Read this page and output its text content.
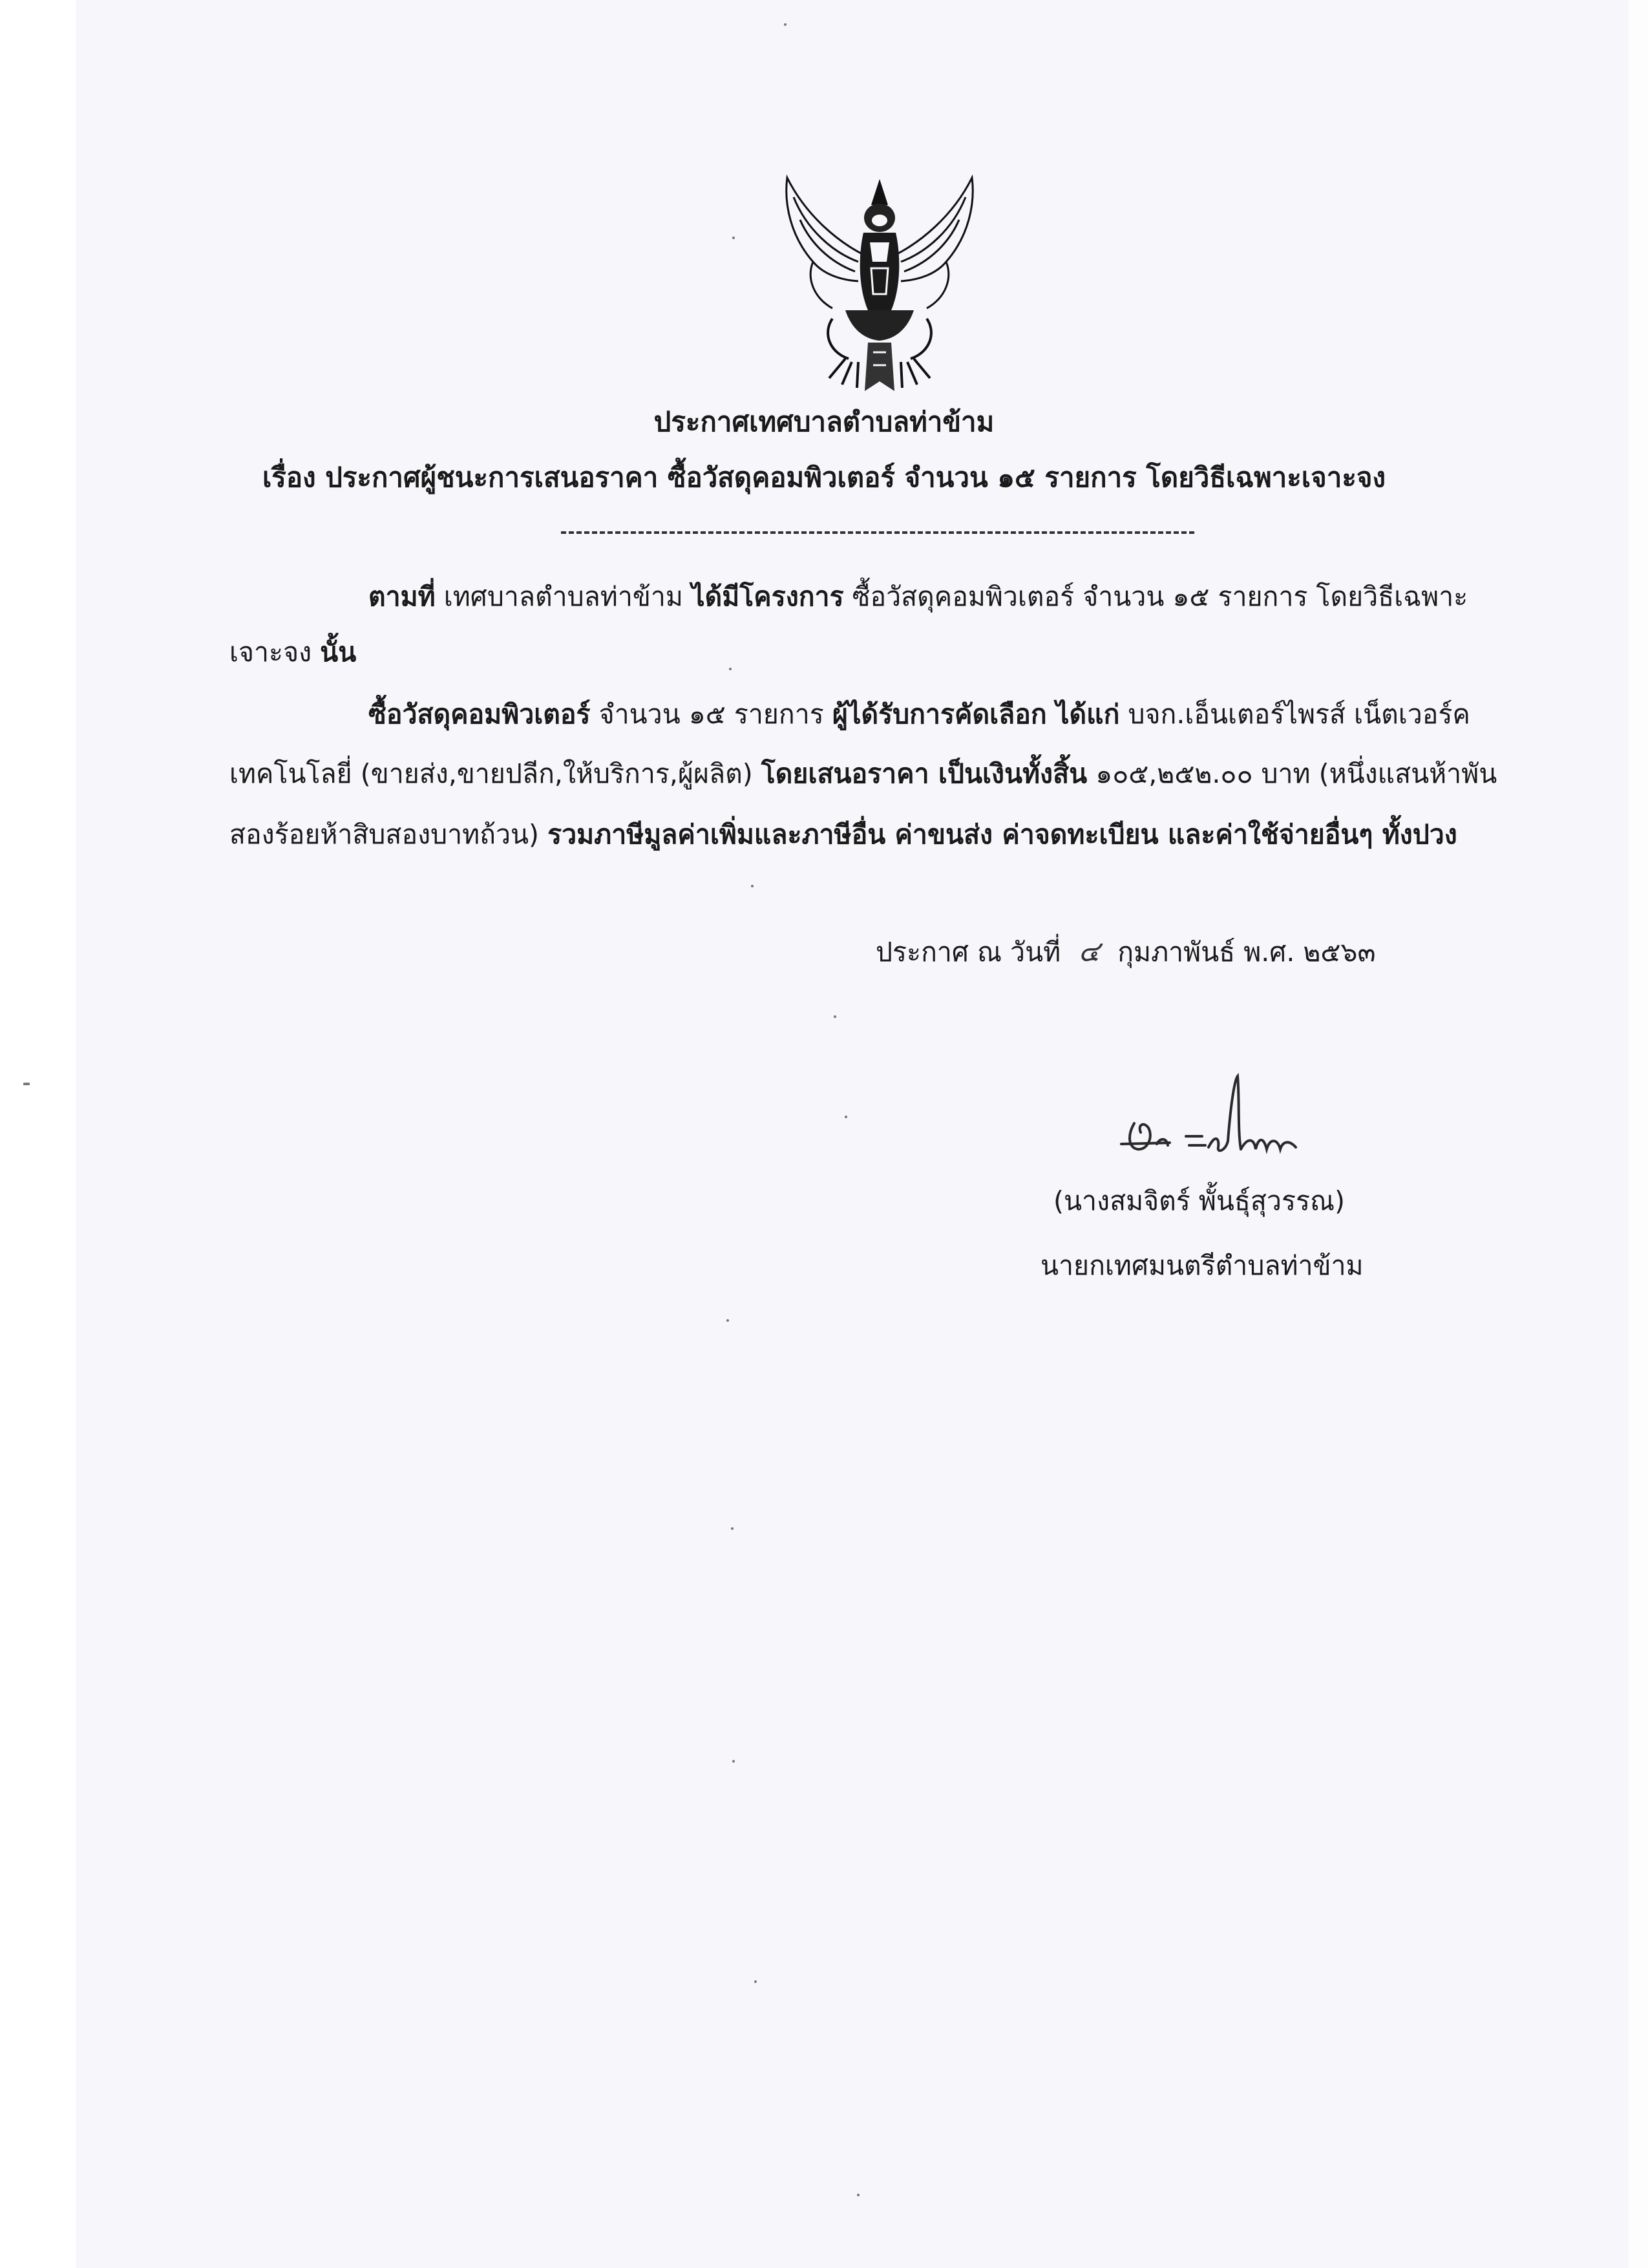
ประกาศเทศบาลตำบลท่าข้าม
เรื่อง ประกาศผู้ชนะการเสนอราคา ซื้อวัสดุคอมพิวเตอร์ จำนวน ๑๕ รายการ โดยวิธีเฉพาะเจาะจง
ตามที่ เทศบาลตำบลท่าข้าม ได้มีโครงการ ซื้อวัสดุคอมพิวเตอร์ จำนวน ๑๕ รายการ โดยวิธีเฉพาะ
เจาะจง นั้น
ซื้อวัสดุคอมพิวเตอร์ จำนวน ๑๕ รายการ ผู้ได้รับการคัดเลือก ได้แก่ บจก.เอ็นเตอร์ไพรส์ เน็ตเวอร์ค
เทคโนโลยี่ (ขายส่ง,ขายปลีก,ให้บริการ,ผู้ผลิต) โดยเสนอราคา เป็นเงินทั้งสิ้น ๑๐๕,๒๕๒.๐๐ บาท (หนึ่งแสนห้าพัน
สองร้อยห้าสิบสองบาทถ้วน) รวมภาษีมูลค่าเพิ่มและภาษีอื่น ค่าขนส่ง ค่าจดทะเบียน และค่าใช้จ่ายอื่นๆ ทั้งปวง
ประกาศ ณ วันที่ ๔ กุมภาพันธ์ พ.ศ. ๒๕๖๓
(นางสมจิตร์ พั้นธุ์สุวรรณ)
นายกเทศมนตรีตำบลท่าข้าม
